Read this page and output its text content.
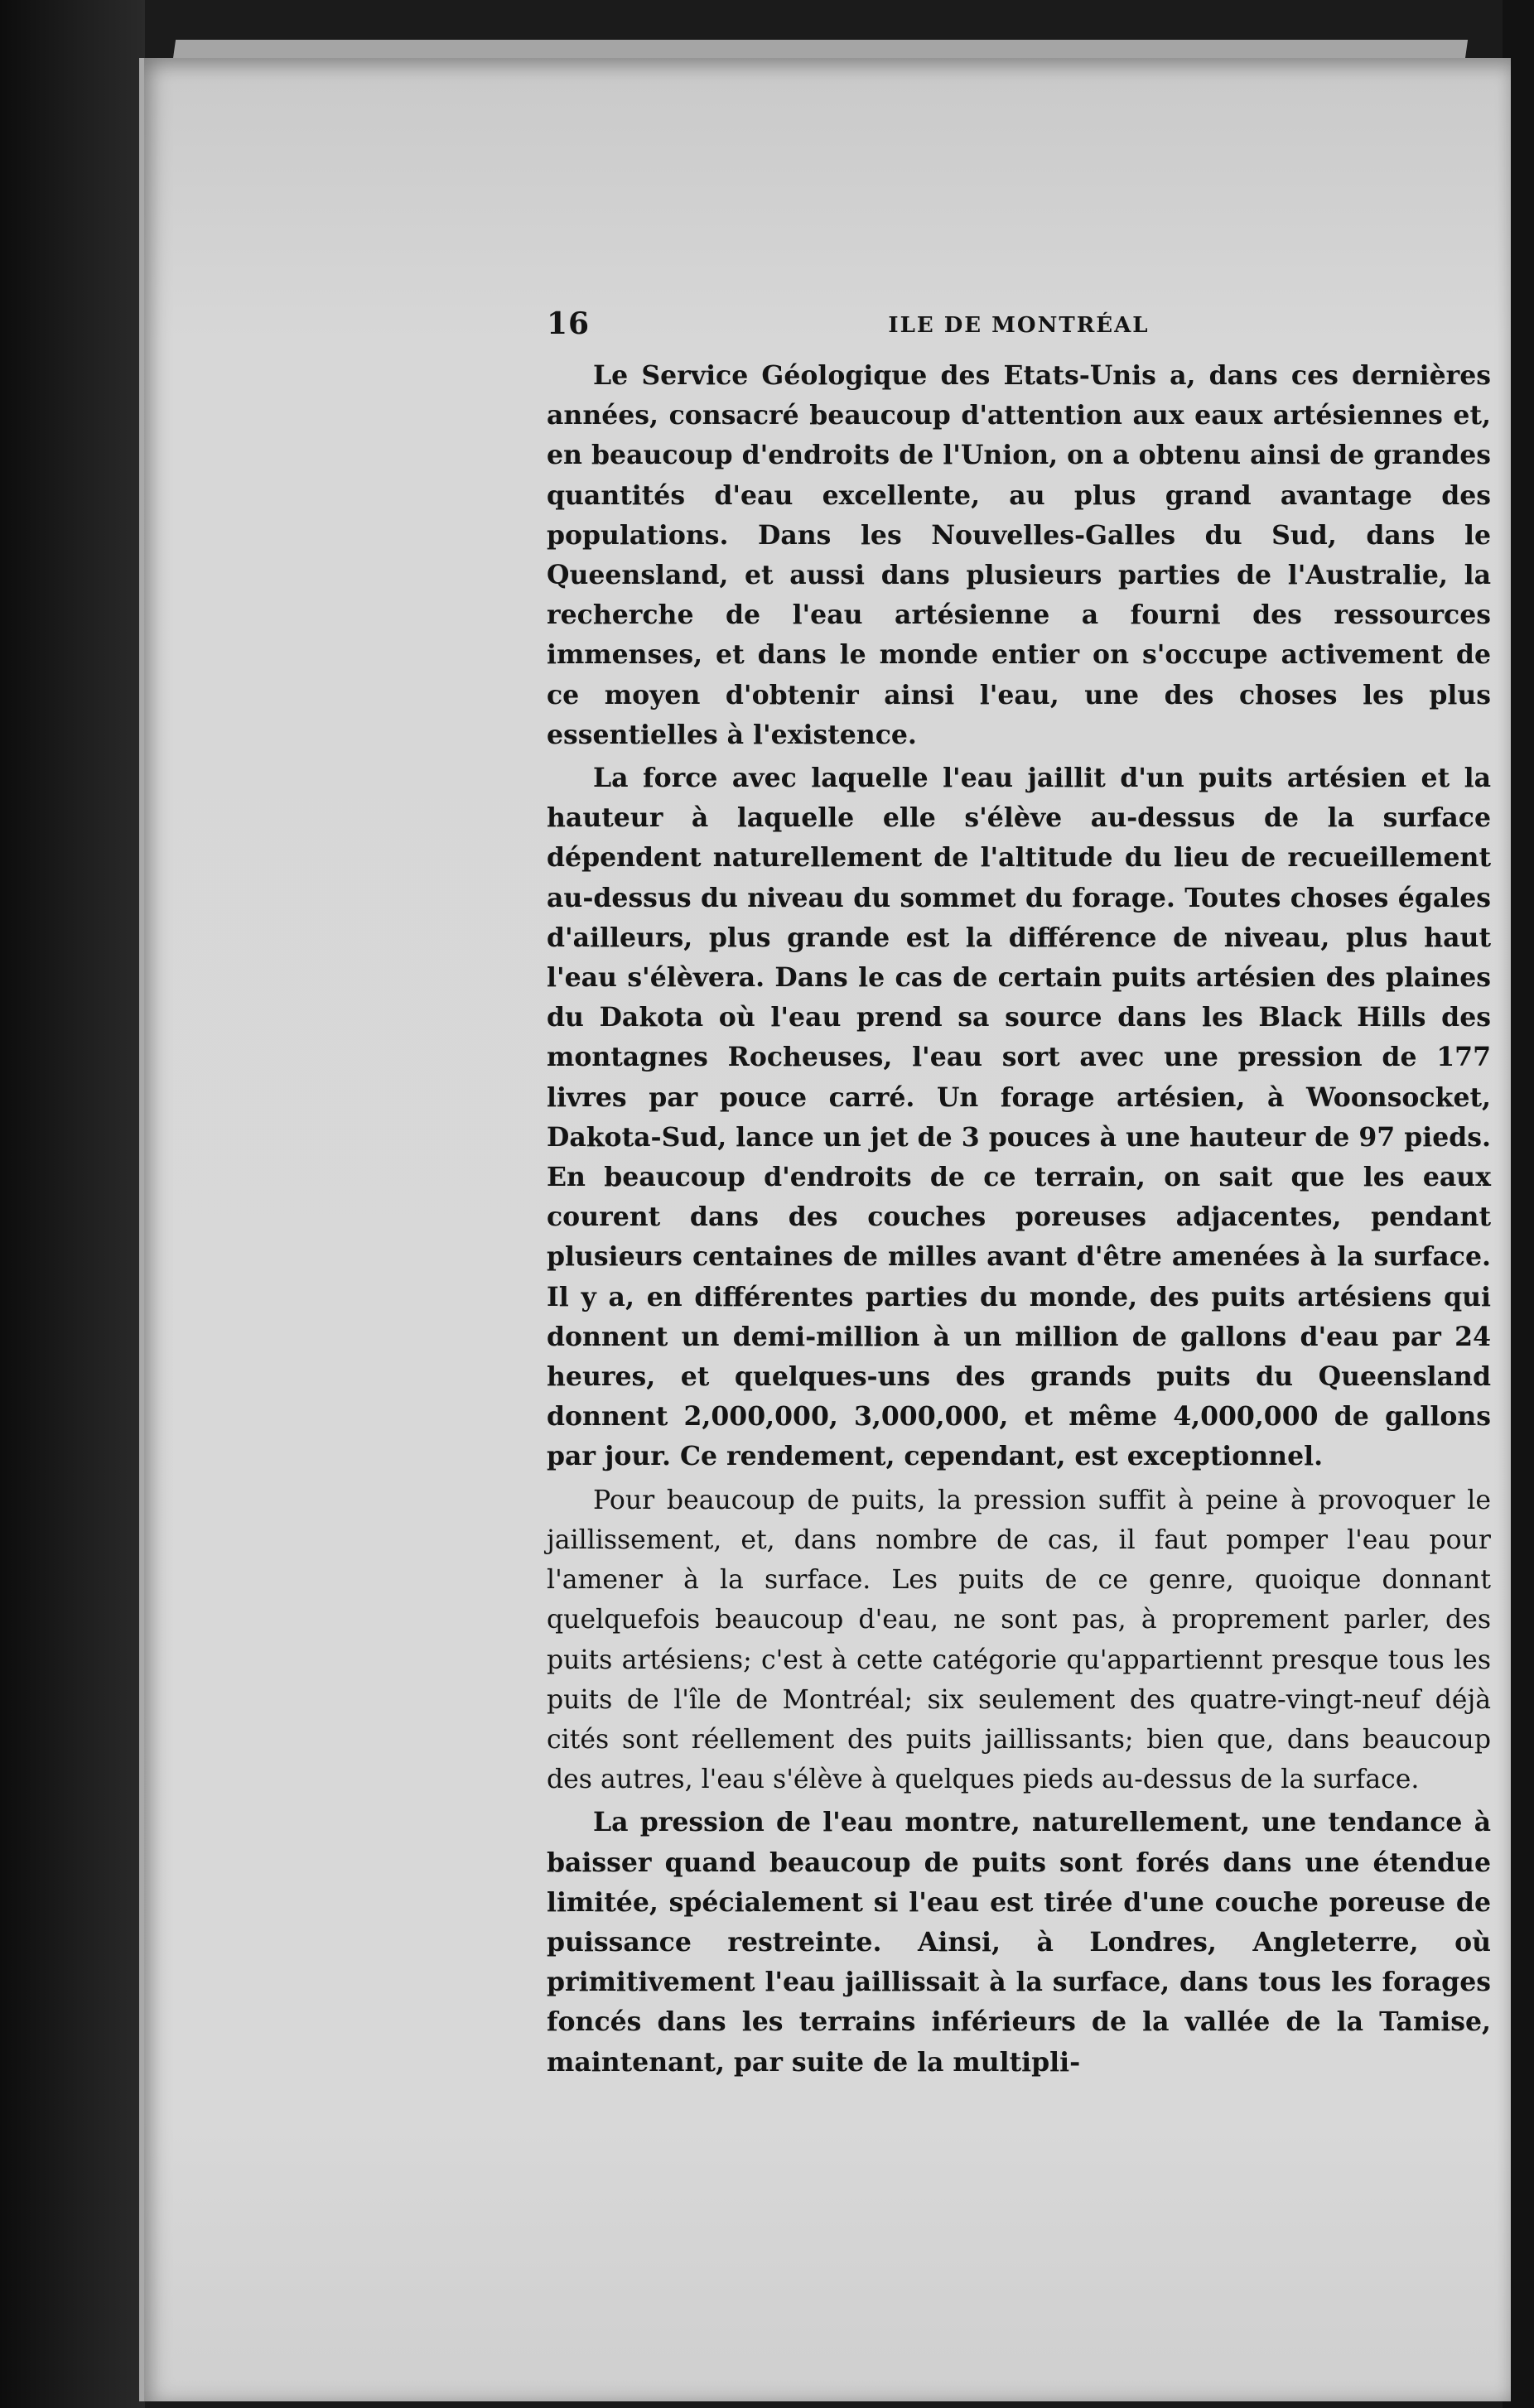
16	ILE DE MONTRÉAL

Le Service Géologique des Etats-Unis a, dans ces dernières années, consacré beaucoup d'attention aux eaux artésiennes et, en beaucoup d'endroits de l'Union, on a obtenu ainsi de grandes quantités d'eau excellente, au plus grand avantage des populations. Dans les Nouvelles-Galles du Sud, dans le Queensland, et aussi dans plusieurs parties de l'Australie, la recherche de l'eau artésienne a fourni des ressources immenses, et dans le monde entier on s'occupe activement de ce moyen d'obtenir ainsi l'eau, une des choses les plus essentielles à l'existence.

La force avec laquelle l'eau jaillit d'un puits artésien et la hauteur à laquelle elle s'élève au-dessus de la surface dépendent naturellement de l'altitude du lieu de recueillement au-dessus du niveau du sommet du forage. Toutes choses égales d'ailleurs, plus grande est la différence de niveau, plus haut l'eau s'élèvera. Dans le cas de certain puits artésien des plaines du Dakota où l'eau prend sa source dans les Black Hills des montagnes Rocheuses, l'eau sort avec une pression de 177 livres par pouce carré. Un forage artésien, à Woonsocket, Dakota-Sud, lance un jet de 3 pouces à une hauteur de 97 pieds. En beaucoup d'endroits de ce terrain, on sait que les eaux courent dans des couches poreuses adjacentes, pendant plusieurs centaines de milles avant d'être amenées à la surface. Il y a, en différentes parties du monde, des puits artésiens qui donnent un demi-million à un million de gallons d'eau par 24 heures, et quelques-uns des grands puits du Queensland donnent 2,000,000, 3,000,000, et même 4,000,000 de gallons par jour. Ce rendement, cependant, est exceptionnel.

Pour beaucoup de puits, la pression suffit à peine à provoquer le jaillissement, et, dans nombre de cas, il faut pomper l'eau pour l'amener à la surface. Les puits de ce genre, quoique donnant quelquefois beaucoup d'eau, ne sont pas, à proprement parler, des puits artésiens; c'est à cette catégorie qu'appartiennt presque tous les puits de l'île de Montréal; six seulement des quatre-vingt-neuf déjà cités sont réellement des puits jaillissants; bien que, dans beaucoup des autres, l'eau s'élève à quelques pieds au-dessus de la surface.

La pression de l'eau montre, naturellement, une tendance à baisser quand beaucoup de puits sont forés dans une étendue limitée, spécialement si l'eau est tirée d'une couche poreuse de puissance restreinte. Ainsi, à Londres, Angleterre, où primitivement l'eau jaillissait à la surface, dans tous les forages foncés dans les terrains inférieurs de la vallée de la Tamise, maintenant, par suite de la multipli-
